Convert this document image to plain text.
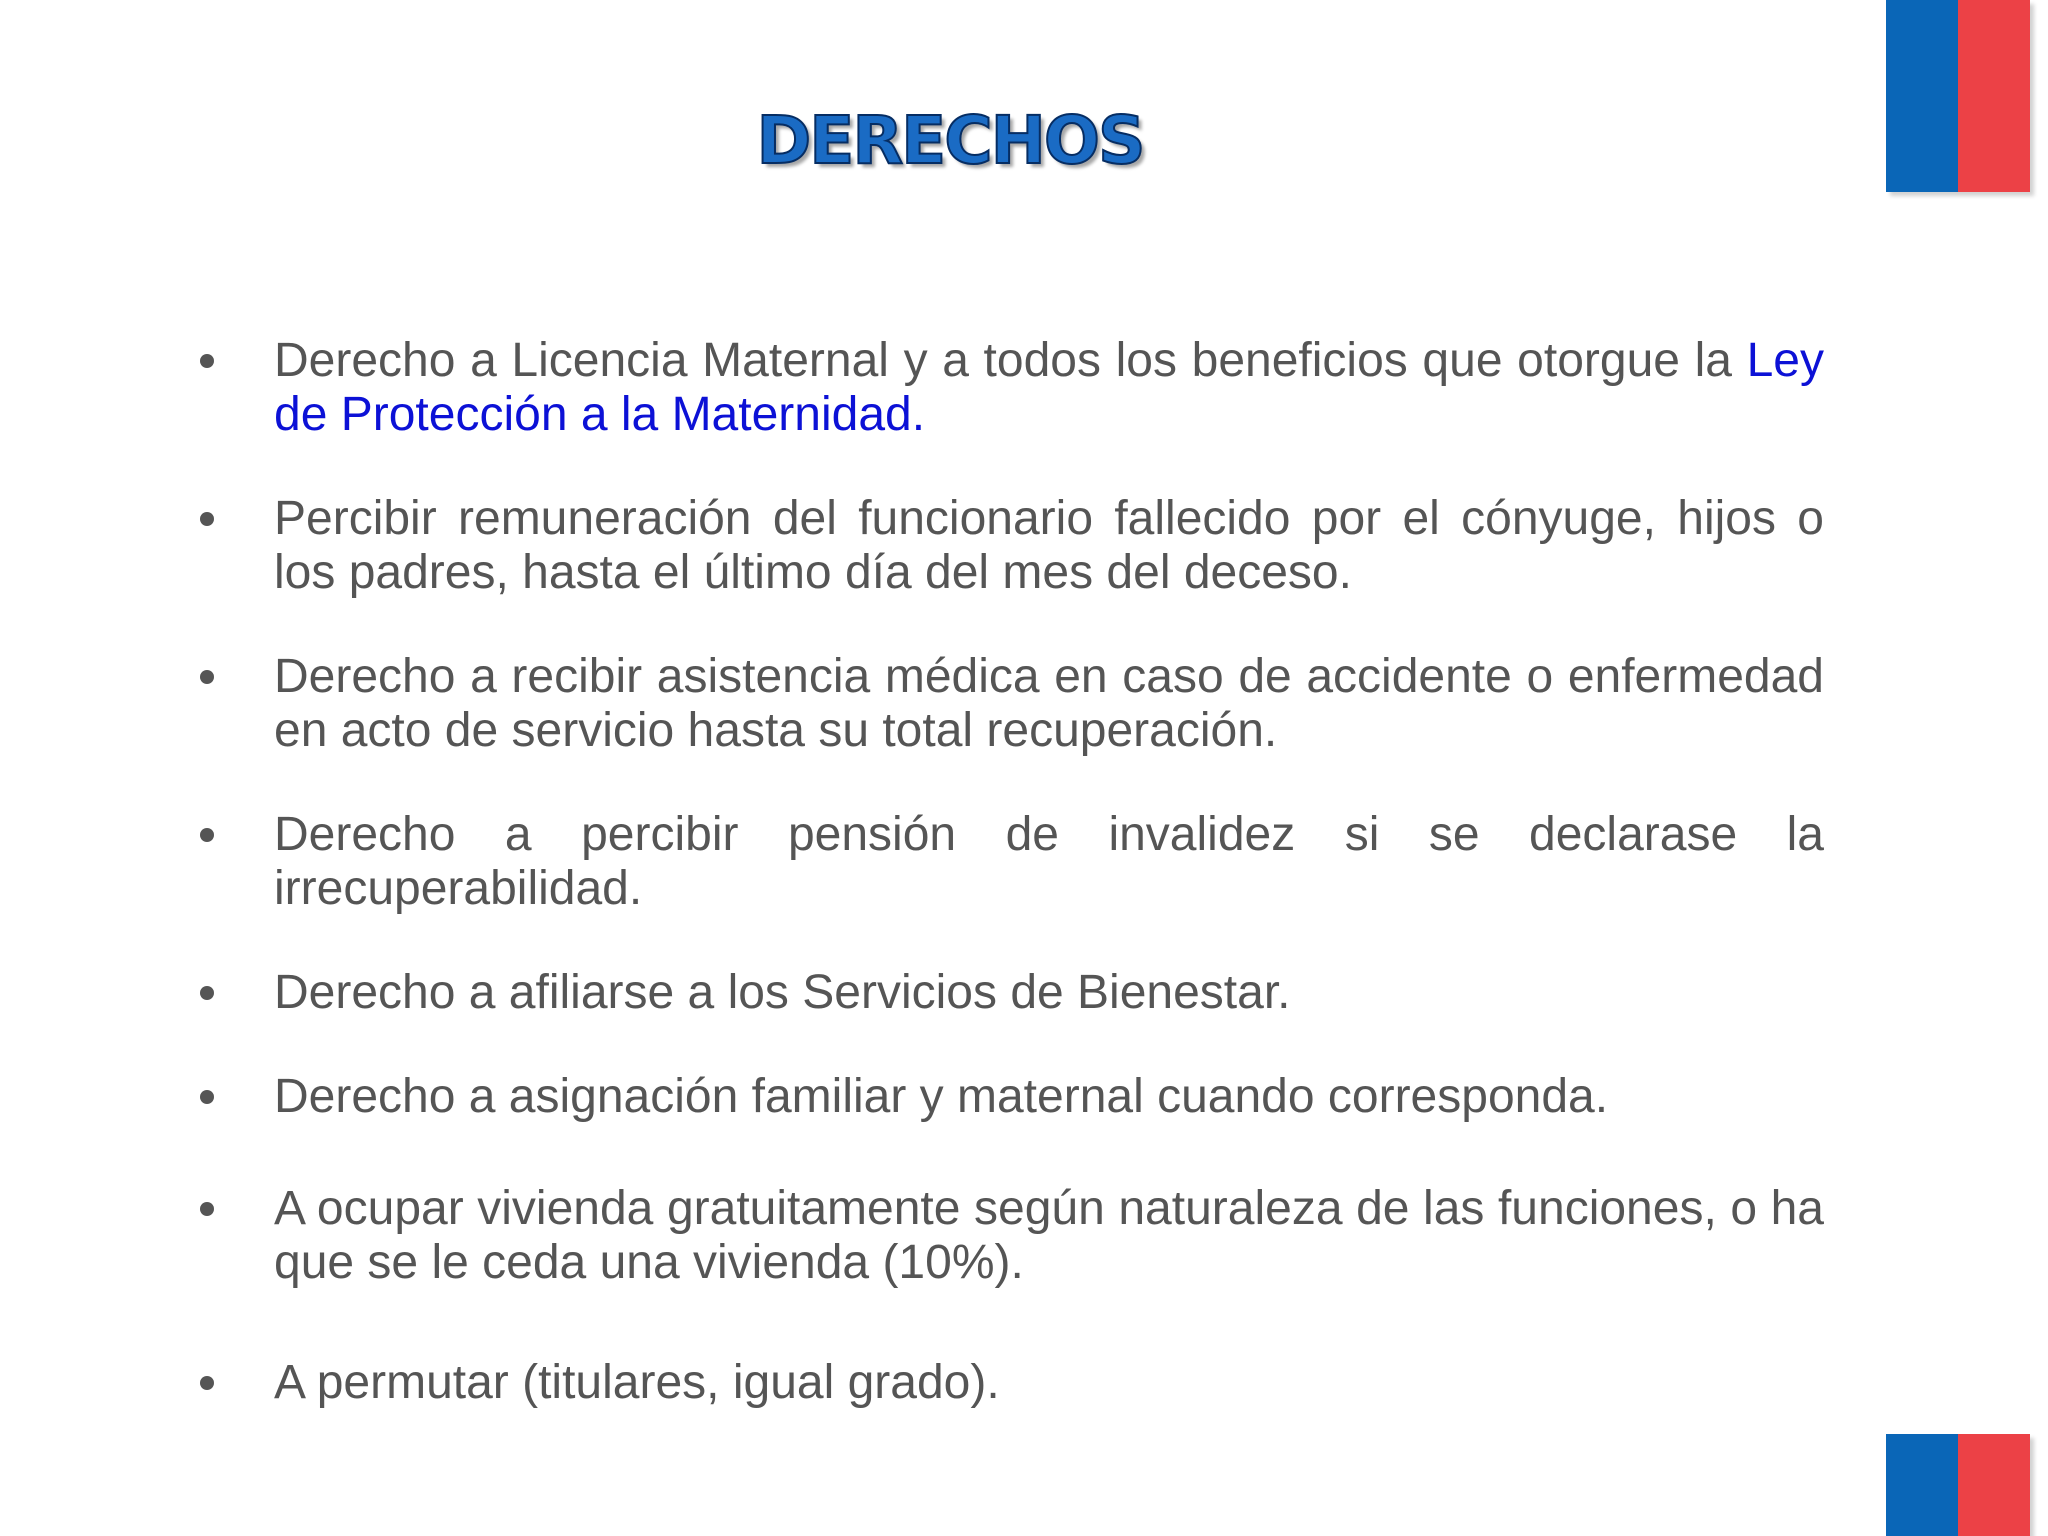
DERECHOS
Derecho a Licencia Maternal y a todos los beneficios que otorgue la Ley de Protección a la Maternidad.
Percibir remuneración del funcionario fallecido por el cónyuge, hijos o los padres, hasta el último día del mes del deceso.
Derecho a recibir asistencia médica en caso de accidente o enfermedad en acto de servicio hasta su total recuperación.
Derecho a percibir pensión de invalidez si se declarase la irrecuperabilidad.
Derecho a afiliarse a los Servicios de Bienestar.
Derecho a asignación familiar y maternal cuando corresponda.
A ocupar vivienda gratuitamente según naturaleza de las funciones, o ha que se le ceda una vivienda (10%).
A permutar (titulares, igual grado).
